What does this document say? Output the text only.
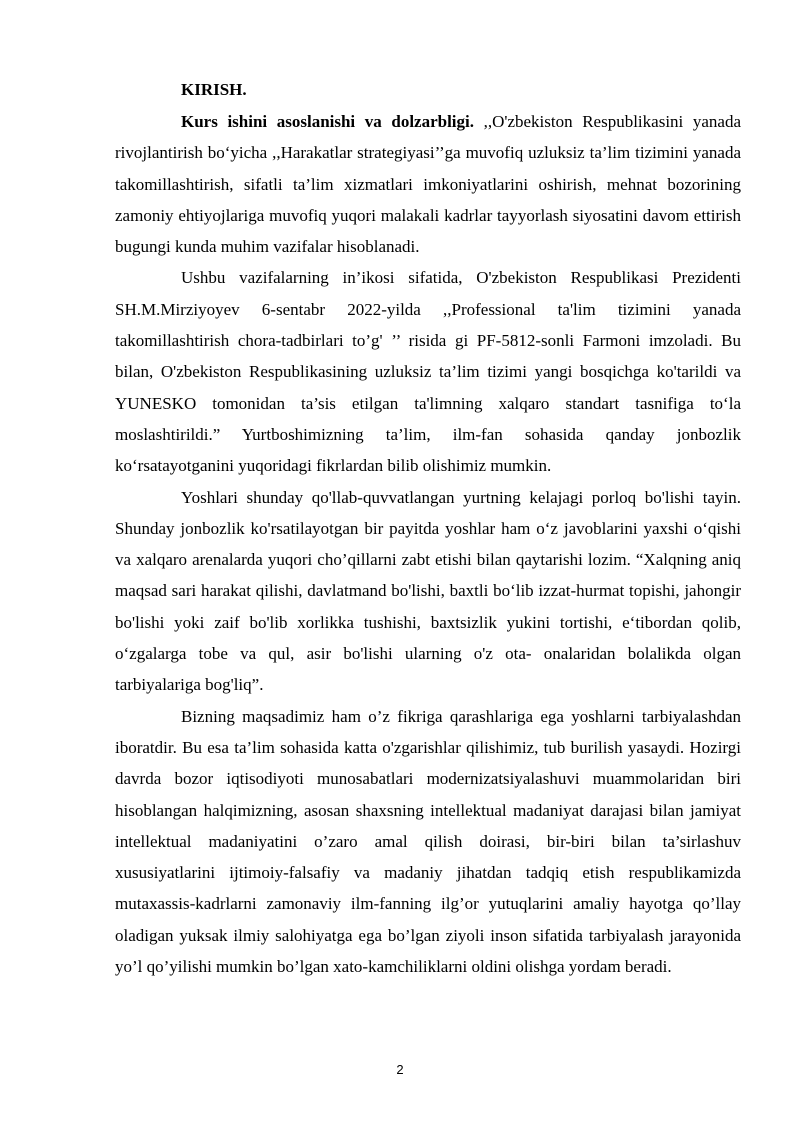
KIRISH.

Kurs ishini asoslanishi va dolzarbligi. ,,O'zbekiston Respublikasini yanada rivojlantirish bo‘yicha ,,Harakatlar strategiyasi’’ga muvofiq uzluksiz ta’lim tizimini yanada takomillashtirish, sifatli ta’lim xizmatlari imkoniyatlarini oshirish, mehnat bozorining zamoniy ehtiyojlariga muvofiq yuqori malakali kadrlar tayyorlash siyosatini davom ettirish bugungi kunda muhim vazifalar hisoblanadi.

Ushbu vazifalarning in’ikosi sifatida, O'zbekiston Respublikasi Prezidenti SH.M.Mirziyoyev 6-sentabr 2022-yilda ,,Professional ta'lim tizimini yanada takomillashtirish chora-tadbirlari to’g' ’’ risida gi PF-5812-sonli Farmoni imzoladi. Bu bilan, O'zbekiston Respublikasining uzluksiz ta’lim tizimi yangi bosqichga ko'tarildi va YUNESKO tomonidan ta’sis etilgan ta'limning xalqaro standart tasnifiga to‘la moslashtirildi.” Yurtboshimizning ta’lim, ilm-fan sohasida qanday jonbozlik ko‘rsatayotganini yuqoridagi fikrlardan bilib olishimiz mumkin.

Yoshlari shunday qo'llab-quvvatlangan yurtning kelajagi porloq bo'lishi tayin. Shunday jonbozlik ko'rsatilayotgan bir payitda yoshlar ham o‘z javoblarini yaxshi o‘qishi va xalqaro arenalarda yuqori cho’qillarni zabt etishi bilan qaytarishi lozim. “Xalqning aniq maqsad sari harakat qilishi, davlatmand bo'lishi, baxtli bo‘lib izzat-hurmat topishi, jahongir bo'lishi yoki zaif bo'lib xorlikka tushishi, baxtsizlik yukini tortishi, e‘tibordan qolib, o‘zgalarga tobe va qul, asir bo'lishi ularning o'z ota- onalaridan bolalikda olgan tarbiyalariga bog'liq”.

Bizning maqsadimiz ham o’z fikriga qarashlariga ega yoshlarni tarbiyalashdan iboratdir. Bu esa ta’lim sohasida katta o'zgarishlar qilishimiz, tub burilish yasaydi. Hozirgi davrda bozor iqtisodiyoti munosabatlari modernizatsiyalashuvi muammolaridan biri hisoblangan halqimizning, asosan shaxsning intellektual madaniyat darajasi bilan jamiyat intellektual madaniyatini o’zaro amal qilish doirasi, bir-biri bilan ta’sirlashuv xususiyatlarini ijtimoiy-falsafiy va madaniy jihatdan tadqiq etish respublikamizda mutaxassis-kadrlarni zamonaviy ilm-fanning ilg’or yutuqlarini amaliy hayotga qo’llay oladigan yuksak ilmiy salohiyatga ega bo’lgan ziyoli inson sifatida tarbiyalash jarayonida yo’l qo’yilishi mumkin bo’lgan xato-kamchiliklarni oldini olishga yordam beradi.

2
